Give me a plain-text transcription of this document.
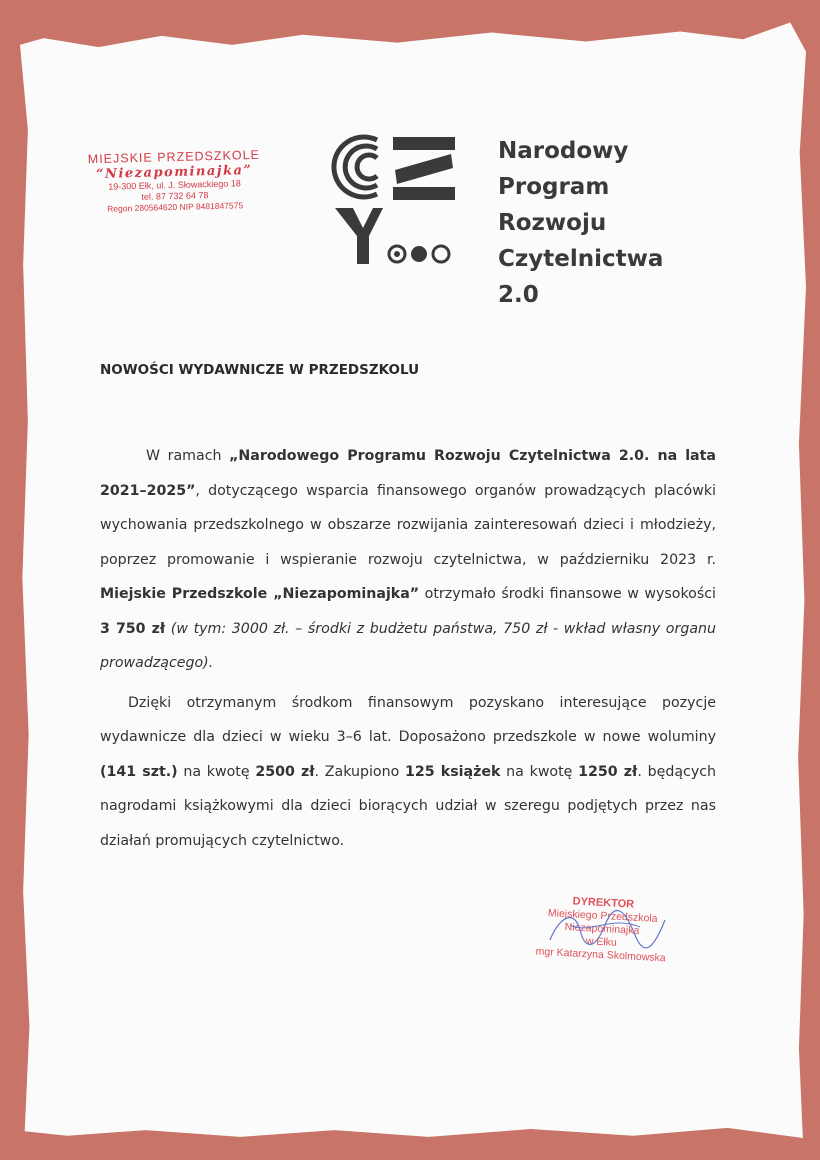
MIEJSKIE PRZEDSZKOLE
“Niezapominajka”
19-300 Ełk, ul. J. Słowackiego 18
tel. 87 732 64 78
Regon 280564620 NIP 8481847575
Narodowy
Program
Rozwoju
Czytelnictwa
2.0
NOWOŚCI WYDAWNICZE W PRZEDSZKOLU

W ramach „Narodowego Programu Rozwoju Czytelnictwa 2.0. na lata 2021–2025”, dotyczącego wsparcia finansowego organów prowadzących placówki wychowania przedszkolnego w obszarze rozwijania zainteresowań dzieci i młodzieży, poprzez promowanie i wspieranie rozwoju czytelnictwa, w październiku 2023 r. Miejskie Przedszkole „Niezapominajka” otrzymało środki finansowe w wysokości 3 750 zł (w tym: 3000 zł. – środki z budżetu państwa, 750 zł - wkład własny organu prowadzącego).

Dzięki otrzymanym środkom finansowym pozyskano interesujące pozycje wydawnicze dla dzieci w wieku 3–6 lat. Doposażono przedszkole w nowe woluminy (141 szt.) na kwotę 2500 zł. Zakupiono 125 książek na kwotę 1250 zł. będących nagrodami książkowymi dla dzieci biorących udział w szeregu podjętych przez nas działań promujących czytelnictwo.

DYREKTOR
Miejskiego Przedszkola
Niezapominajka
w Ełku
mgr Katarzyna Skolmowska
